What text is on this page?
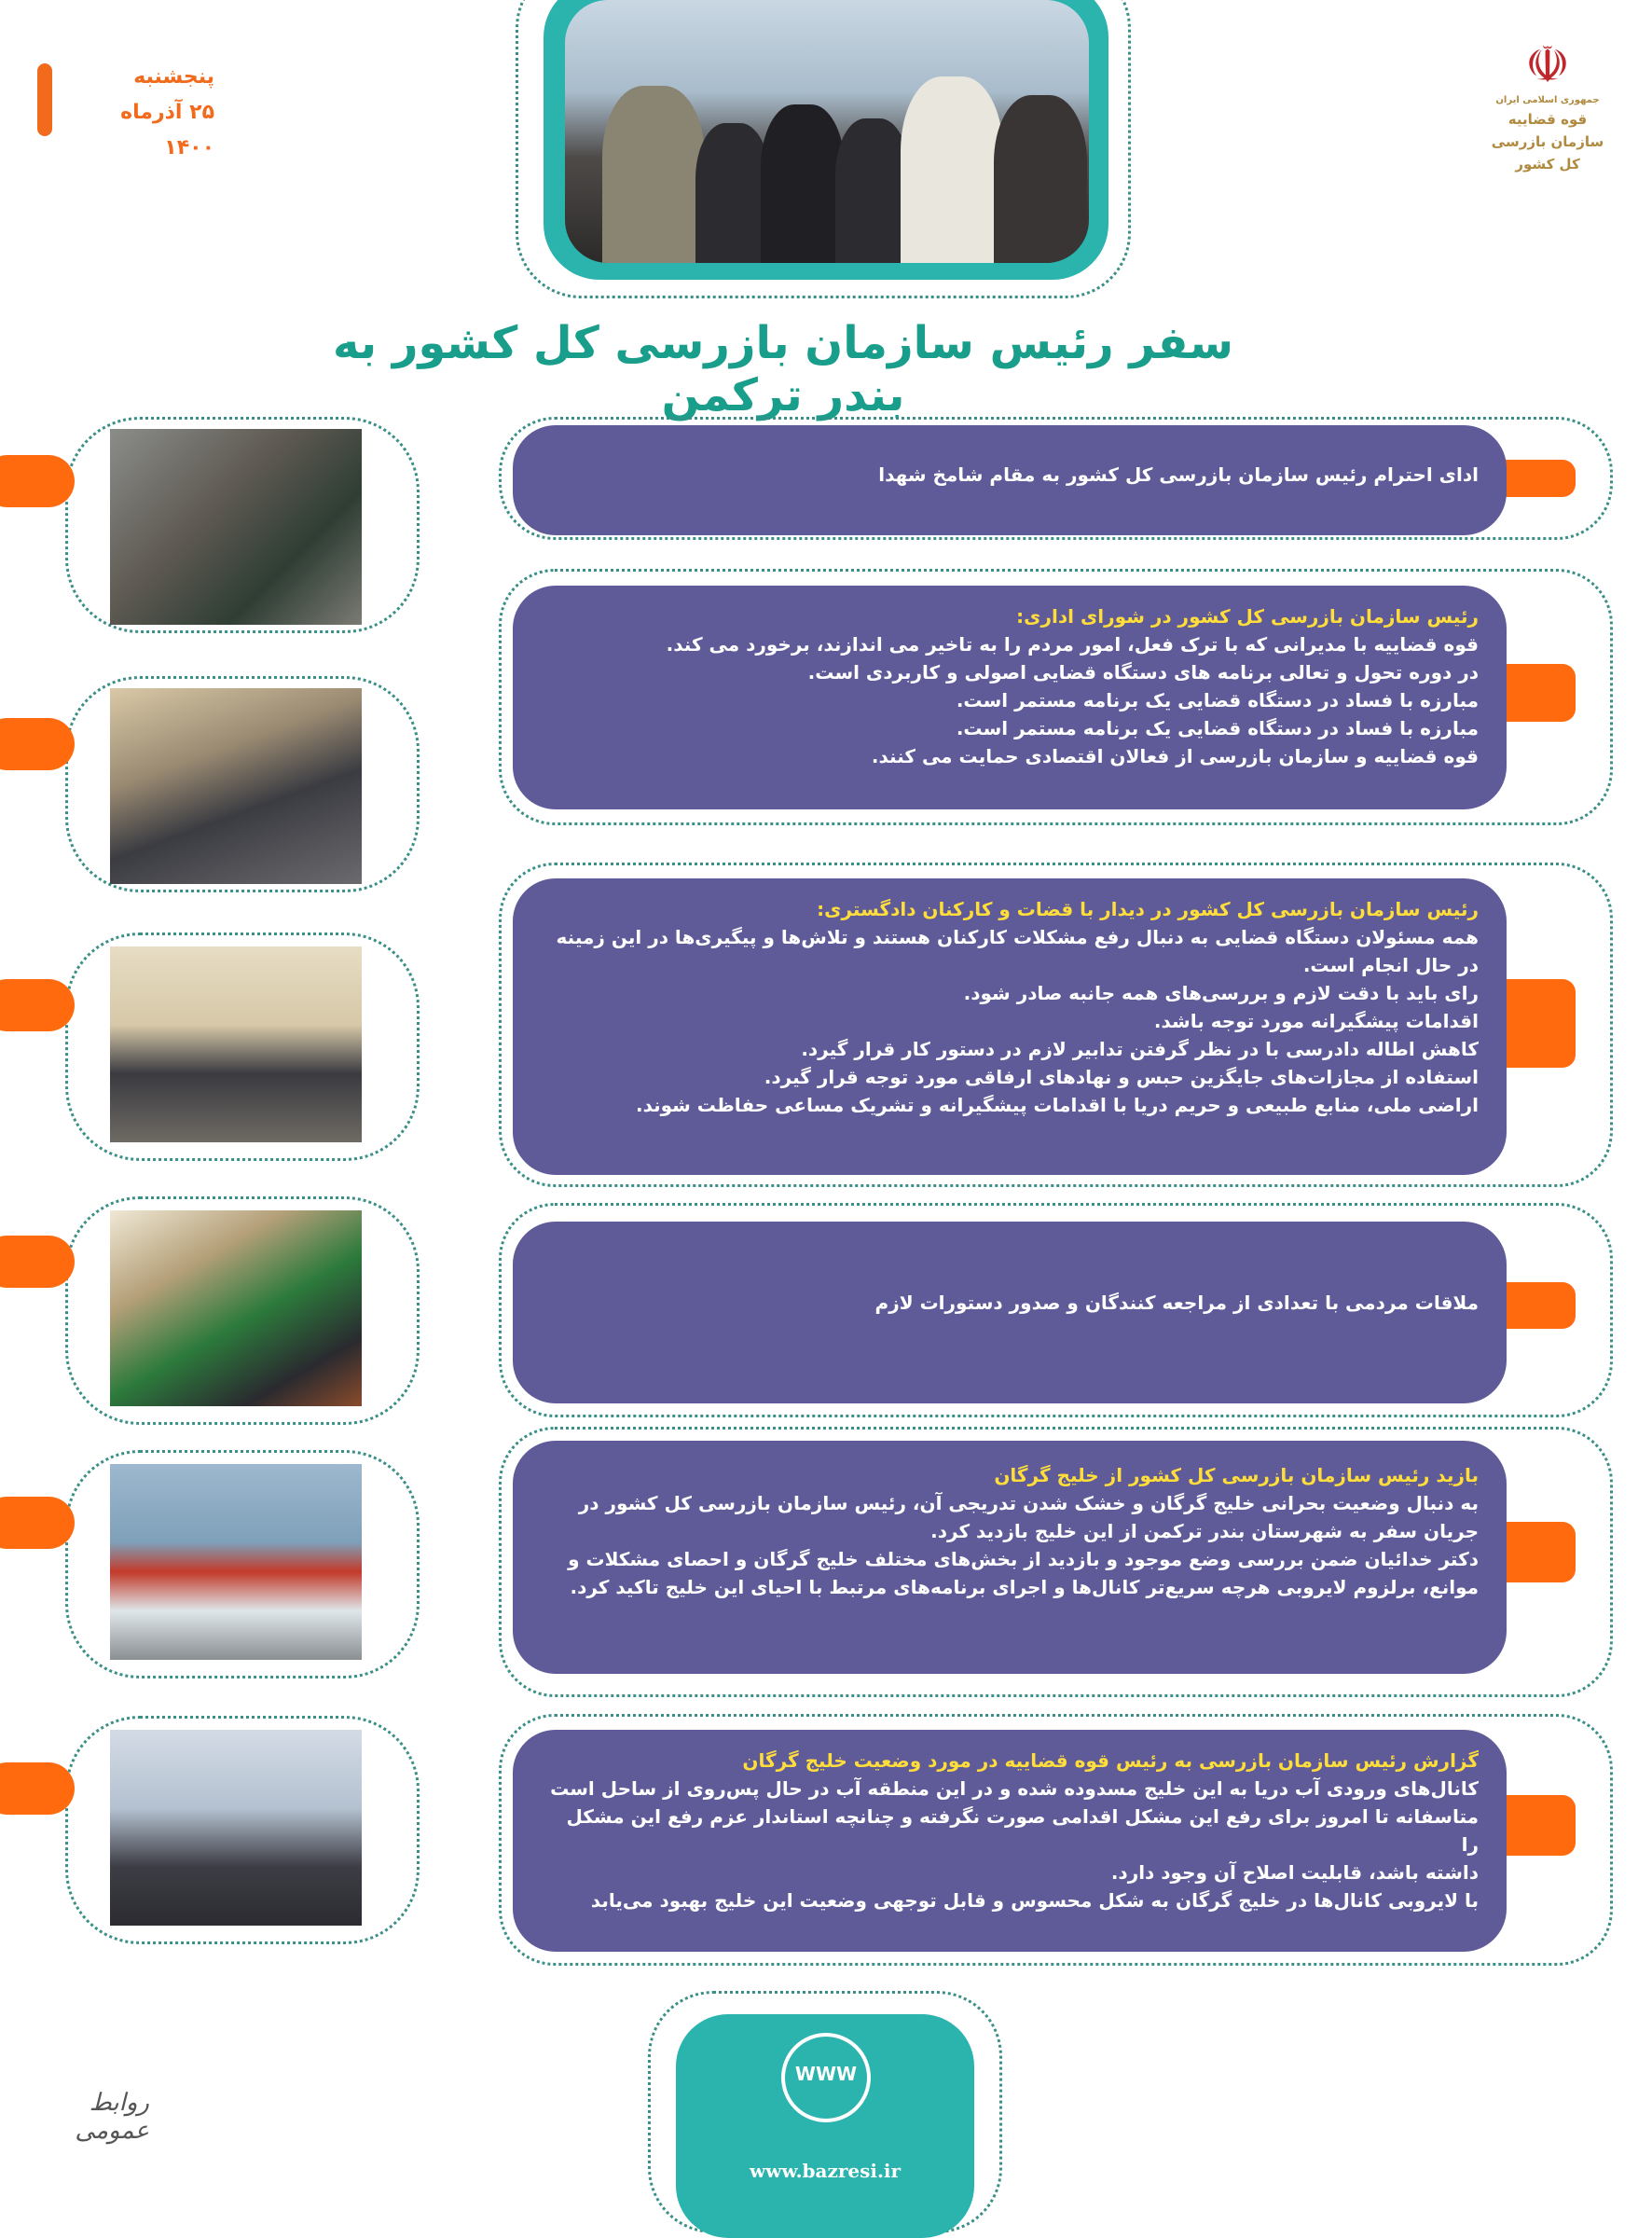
پنجشنبه
۲۵ آذرماه ۱۴۰۰
☫
جمهوری اسلامی ایران
قوه قضاییه
سازمان بازرسی کل کشور
سفر رئیس سازمان بازرسی کل کشور به بندر ترکمن
ادای احترام رئیس سازمان بازرسی کل کشور به مقام شامخ شهدا
رئیس سازمان بازرسی کل کشور در شورای اداری:
قوه قضاییه با مدیرانی که با ترک فعل، امور مردم را به تاخیر می اندازند، برخورد می کند.
در دوره تحول و تعالی برنامه های دستگاه قضایی اصولی و کاربردی است.
مبارزه با فساد در دستگاه قضایی یک برنامه مستمر است.
مبارزه با فساد در دستگاه قضایی یک برنامه مستمر است.
قوه قضاییه و سازمان بازرسی از فعالان اقتصادی حمایت می کنند.
رئیس سازمان بازرسی کل کشور در دیدار با قضات و کارکنان دادگستری:
همه مسئولان دستگاه قضایی به دنبال رفع مشکلات کارکنان هستند و تلاش‌ها و پیگیری‌ها در این زمینه
در حال انجام است.
رای باید با دقت لازم و بررسی‌های همه جانبه صادر شود.
اقدامات پیشگیرانه مورد توجه باشد.
کاهش اطاله دادرسی با در نظر گرفتن تدابیر لازم در دستور کار قرار گیرد.
استفاده از مجازات‌های جایگزین حبس و نهادهای ارفاقی مورد توجه قرار گیرد.
اراضی ملی، منابع طبیعی و حریم دریا با اقدامات پیشگیرانه و تشریک مساعی حفاظت شوند.
ملاقات مردمی با تعدادی از مراجعه کنندگان و صدور دستورات لازم
بازید رئیس سازمان بازرسی کل کشور از خلیج گرگان
به دنبال وضعیت بحرانی خلیج گرگان و خشک شدن تدریجی آن، رئیس سازمان بازرسی کل کشور در
جریان سفر به شهرستان بندر ترکمن از این خلیج بازدید کرد.
دکتر خدائیان ضمن بررسی وضع موجود و بازدید از بخش‌های مختلف خلیج گرگان و احصای مشکلات و
موانع، برلزوم لایروبی هرچه سریع‌تر کانال‌ها و اجرای برنامه‌های مرتبط با احیای این خلیج تاکید کرد.
گزارش رئیس سازمان بازرسی به رئیس قوه قضاییه در مورد وضعیت خلیج گرگان
کانال‌های ورودی آب دریا به این خلیج مسدوده شده و در این منطقه آب در حال پس‌روی از ساحل است
متاسفانه تا امروز برای رفع این مشکل اقدامی صورت نگرفته و چنانچه استاندار عزم رفع این مشکل را
داشته باشد، قابلیت اصلاح آن وجود دارد.
با لایروبی کانال‌ها در خلیج گرگان به شکل محسوس و قابل توجهی وضعیت این خلیج بهبود می‌یابد
WWW
www.bazresi.ir
روابط عمومی
